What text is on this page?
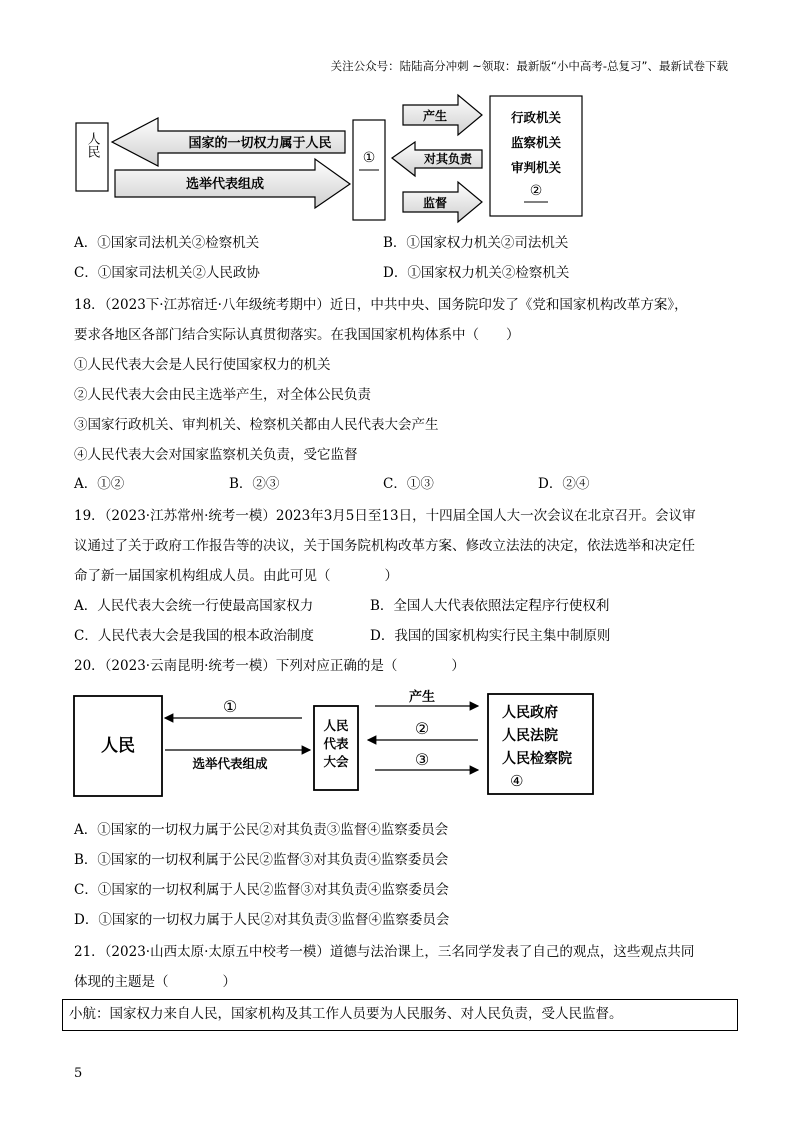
关注公众号：陆陆高分冲刺 ~领取：最新版“小中高考-总复习”、最新试卷下载
人民	国家的一切权力属于人民
选举代表组成
①
产生
对其负责
监督
行政机关
监察机关
审判机关
②
A．①国家司法机关②检察机关	B．①国家权力机关②司法机关
C．①国家司法机关②人民政协	D．①国家权力机关②检察机关
18．（2023下·江苏宿迁·八年级统考期中）近日，中共中央、国务院印发了《党和国家机构改革方案》，
要求各地区各部门结合实际认真贯彻落实。在我国国家机构体系中（　　）
①人民代表大会是人民行使国家权力的机关
②人民代表大会由民主选举产生，对全体公民负责
③国家行政机关、审判机关、检察机关都由人民代表大会产生
④人民代表大会对国家监察机关负责，受它监督
A．①②	B．②③	C．①③	D．②④
19．（2023·江苏常州·统考一模）2023年3月5日至13日，十四届全国人大一次会议在北京召开。会议审
议通过了关于政府工作报告等的决议，关于国务院机构改革方案、修改立法法的决定，依法选举和决定任
命了新一届国家机构组成人员。由此可见（　　　　）
A．人民代表大会统一行使最高国家权力	B．全国人大代表依照法定程序行使权利
C．人民代表大会是我国的根本政治制度	D．我国的国家机构实行民主集中制原则
20．（2023·云南昆明·统考一模）下列对应正确的是（　　　　）
人民
①
选举代表组成
人民
代表
大会
产生
②
③
人民政府
人民法院
人民检察院
④
A．①国家的一切权力属于公民②对其负责③监督④监察委员会
B．①国家的一切权利属于公民②监督③对其负责④监察委员会
C．①国家的一切权利属于人民②监督③对其负责④监察委员会
D．①国家的一切权力属于人民②对其负责③监督④监察委员会
21．（2023·山西太原·太原五中校考一模）道德与法治课上，三名同学发表了自己的观点，这些观点共同
体现的主题是（　　　　）
小航：国家权力来自人民，国家机构及其工作人员要为人民服务、对人民负责，受人民监督。
5
